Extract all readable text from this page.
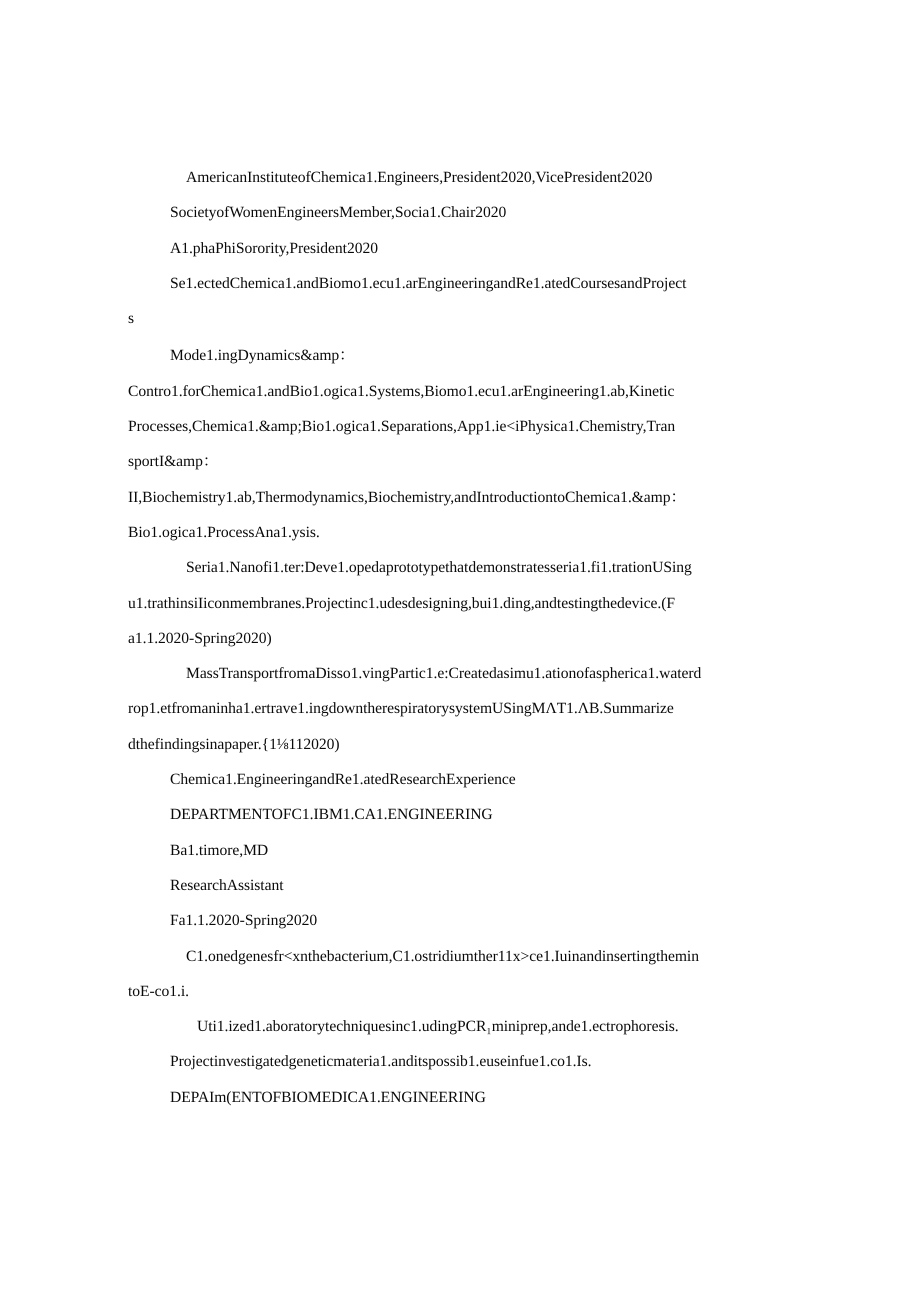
AmericanInstituteofChemica1.Engineers,President2020,VicePresident2020
SocietyofWomenEngineersMember,Socia1.Chair2020
A1.phaPhiSorority,President2020
Se1.ectedChemica1.andBiomo1.ecu1.arEngineeringandRe1.atedCoursesandProject
s
Mode1.ingDynamics&amp：
Contro1.forChemica1.andBio1.ogica1.Systems,Biomo1.ecu1.arEngineering1.ab,Kinetic
Processes,Chemica1.&amp;Bio1.ogica1.Separations,App1.ie<iPhysica1.Chemistry,Tran
sportI&amp：
II,Biochemistry1.ab,Thermodynamics,Biochemistry,andIntroductiontoChemica1.&amp：
Bio1.ogica1.ProcessAna1.ysis.
Seria1.Nanofi1.ter:Deve1.opedaprototypethatdemonstratesseria1.fi1.trationUSing
u1.trathinsiIiconmembranes.Projectinc1.udesdesigning,bui1.ding,andtestingthedevice.(F
a1.1.2020-Spring2020)
MassTransportfromaDisso1.vingPartic1.e:Createdasimu1.ationofaspherica1.waterd
rop1.etfromaninha1.ertrave1.ingdowntherespiratorysystemUSingMΛT1.ΛB.Summarize
dthefindingsinapaper.{1⅛112020)
Chemica1.EngineeringandRe1.atedResearchExperience
DEPARTMENTOFC1.IBM1.CA1.ENGINEERING
Ba1.timore,MD
ResearchAssistant
Fa1.1.2020-Spring2020
C1.onedgenesfr<xnthebacterium,C1.ostridiumther11x>ce1.Iuinandinsertingthemin
toE-co1.i.
Uti1.ized1.aboratorytechniquesinc1.udingPCR₁miniprep,ande1.ectrophoresis.
Projectinvestigatedgeneticmateria1.anditspossib1.euseinfue1.co1.Is.
DEPAIm(ENTOFBIOMEDICA1.ENGINEERING
